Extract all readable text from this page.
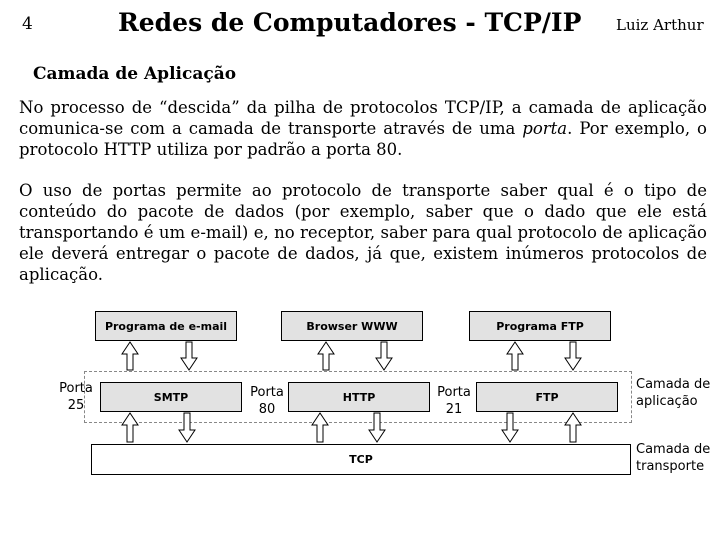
4	Redes de Computadores - TCP/IP Luiz Arthur
Camada de Aplicação
No processo de “descida” da pilha de protocolos TCP/IP, a camada de aplicação comunica-se com a camada de transporte através de uma porta. Por exemplo, o protocolo HTTP utiliza por padrão a porta 80.
O uso de portas permite ao protocolo de transporte saber qual é o tipo de conteúdo do pacote de dados (por exemplo, saber que o dado que ele está transportando é um e-mail) e, no receptor, saber para qual protocolo de aplicação ele deverá entregar o pacote de dados, já que, existem inúmeros protocolos de aplicação.
Programa de e-mail	Browser WWW	Programa FTP
SMTP	HTTP	FTP
Porta
25
Porta
80
Porta
21
TCP
Camada de
aplicação
Camada de
transporte
